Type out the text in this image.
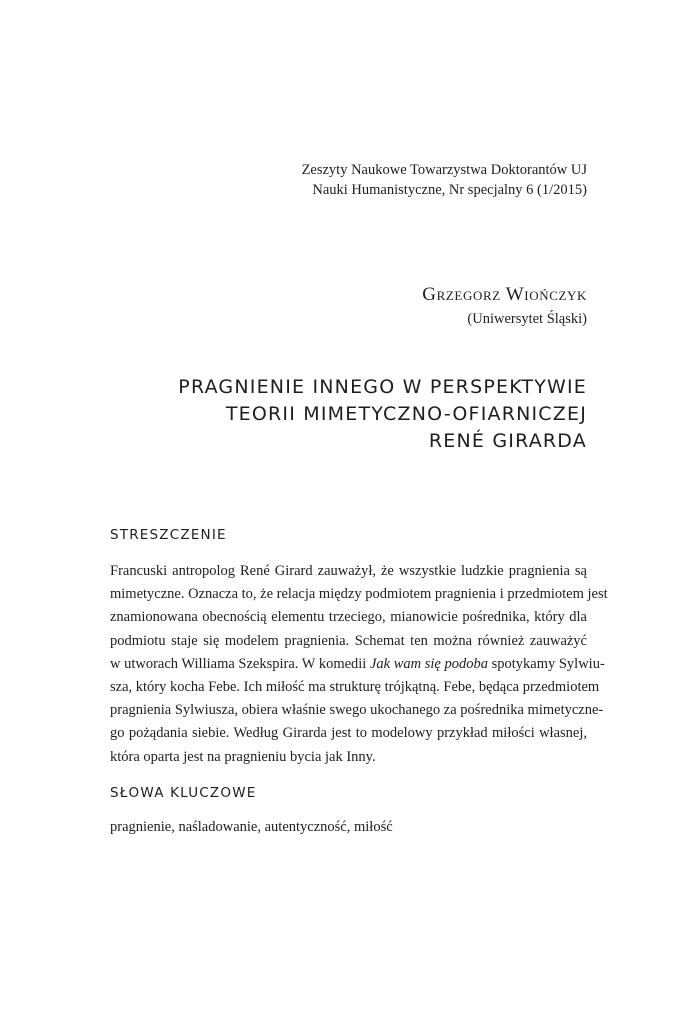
Zeszyty Naukowe Towarzystwa Doktorantów UJ
Nauki Humanistyczne, Nr specjalny 6 (1/2015)
Grzegorz Wiończyk
(Uniwersytet Śląski)
PRAGNIENIE INNEGO W PERSPEKTYWIE
TEORII MIMETYCZNO-OFIARNICZEJ
RENÉ GIRARDA
STRESZCZENIE

Francuski antropolog René Girard zauważył, że wszystkie ludzkie pragnienia są
mimetyczne. Oznacza to, że relacja między podmiotem pragnienia i przedmiotem jest
znamionowana obecnością elementu trzeciego, mianowicie pośrednika, który dla
podmiotu staje się modelem pragnienia. Schemat ten można również zauważyć
w utworach Williama Szekspira. W komedii Jak wam się podoba spotykamy Sylwiu-
sza, który kocha Febe. Ich miłość ma strukturę trójkątną. Febe, będąca przedmiotem
pragnienia Sylwiusza, obiera właśnie swego ukochanego za pośrednika mimetyczne-
go pożądania siebie. Według Girarda jest to modelowy przykład miłości własnej,
która oparta jest na pragnieniu bycia jak Inny.

SŁOWA KLUCZOWE

pragnienie, naśladowanie, autentyczność, miłość
